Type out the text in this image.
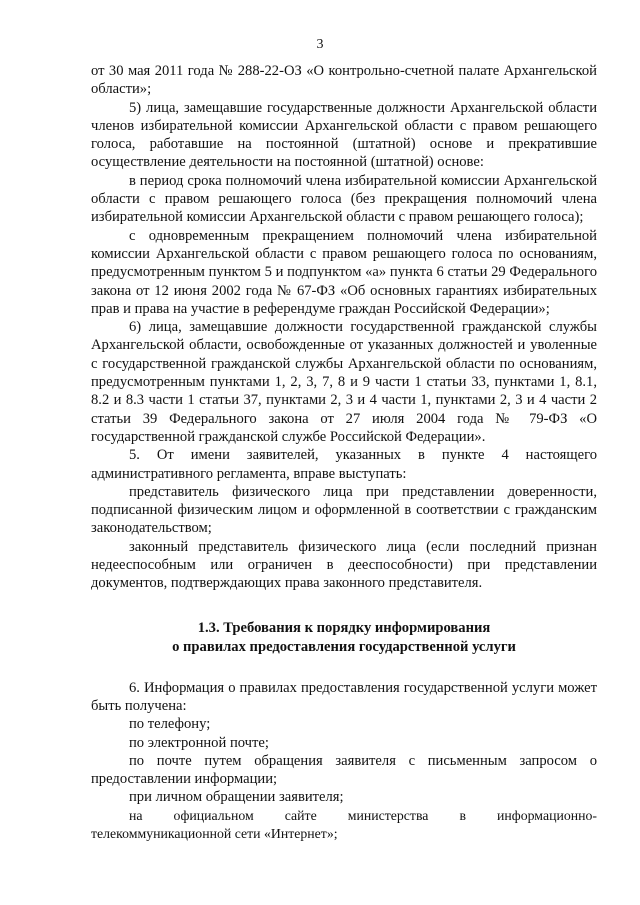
3

от 30 мая 2011 года № 288-22-ОЗ «О контрольно-счетной палате Архангельской области»;

5) лица, замещавшие государственные должности Архангельской области членов избирательной комиссии Архангельской области с правом решающего голоса, работавшие на постоянной (штатной) основе и прекратившие осуществление деятельности на постоянной (штатной) основе:

в период срока полномочий члена избирательной комиссии Архангельской области с правом решающего голоса (без прекращения полномочий члена избирательной комиссии Архангельской области с правом решающего голоса);

с одновременным прекращением полномочий члена избирательной комиссии Архангельской области с правом решающего голоса по основаниям, предусмотренным пунктом 5 и подпунктом «а» пункта 6 статьи 29 Федерального закона от 12 июня 2002 года № 67-ФЗ «Об основных гарантиях избирательных прав и права на участие в референдуме граждан Российской Федерации»;

6) лица, замещавшие должности государственной гражданской службы Архангельской области, освобожденные от указанных должностей и уволенные с государственной гражданской службы Архангельской области по основаниям, предусмотренным пунктами 1, 2, 3, 7, 8 и 9 части 1 статьи 33, пунктами 1, 8.1, 8.2 и 8.3 части 1 статьи 37, пунктами 2, 3 и 4 части 1, пунктами 2, 3 и 4 части 2 статьи 39 Федерального закона от 27 июля 2004 года № 79-ФЗ «О государственной гражданской службе Российской Федерации».

5. От имени заявителей, указанных в пункте 4 настоящего административного регламента, вправе выступать:

представитель физического лица при представлении доверенности, подписанной физическим лицом и оформленной в соответствии с гражданским законодательством;

законный представитель физического лица (если последний признан недееспособным или ограничен в дееспособности) при представлении документов, подтверждающих права законного представителя.

1.3. Требования к порядку информирования
о правилах предоставления государственной услуги

6. Информация о правилах предоставления государственной услуги может быть получена:

по телефону;

по электронной почте;

по почте путем обращения заявителя с письменным запросом о предоставлении информации;

при личном обращении заявителя;

на официальном сайте министерства в информационно-телекоммуникационной сети «Интернет»;
